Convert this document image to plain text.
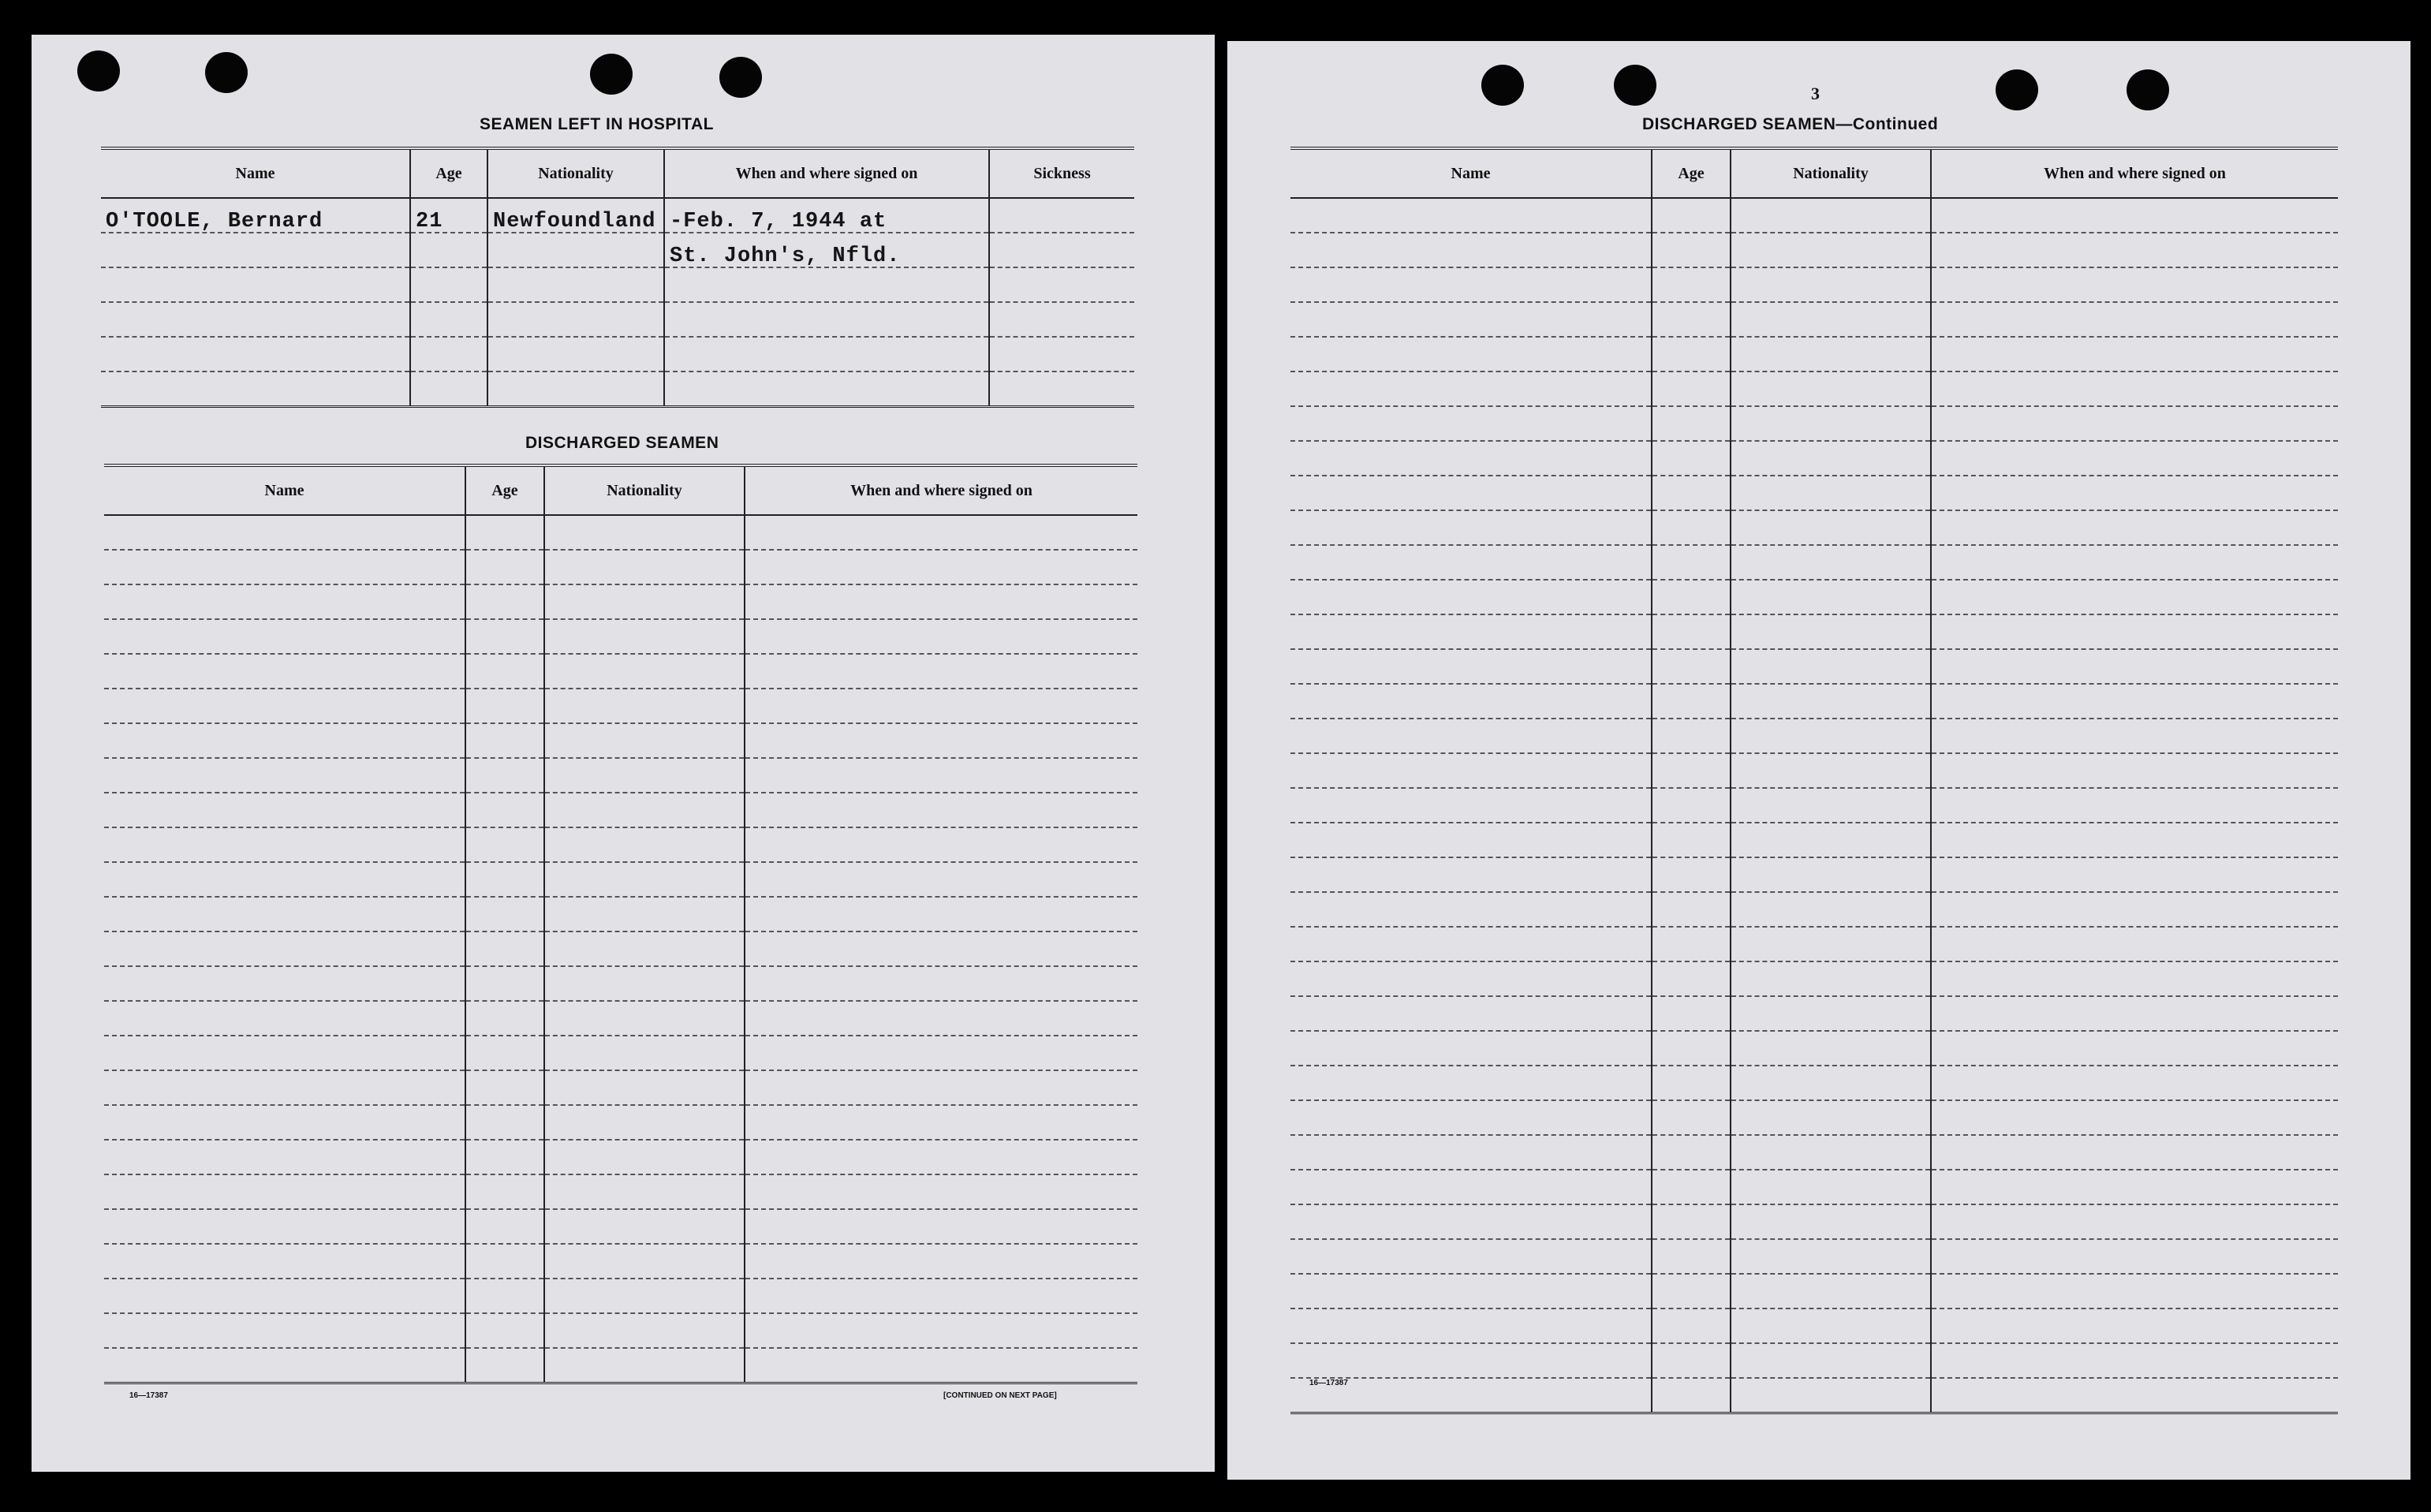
SEAMEN LEFT IN HOSPITAL
Name	Age	Nationality	When and where signed on	Sickness
O'TOOLE, Bernard	21	Newfoundland	-Feb. 7, 1944 at	
			St. John's, Nfld.	

DISCHARGED SEAMEN
Name	Age	Nationality	When and where signed on

16—17387	[CONTINUED ON NEXT PAGE]
3
DISCHARGED SEAMEN—Continued
Name	Age	Nationality	When and where signed on

16—17387
